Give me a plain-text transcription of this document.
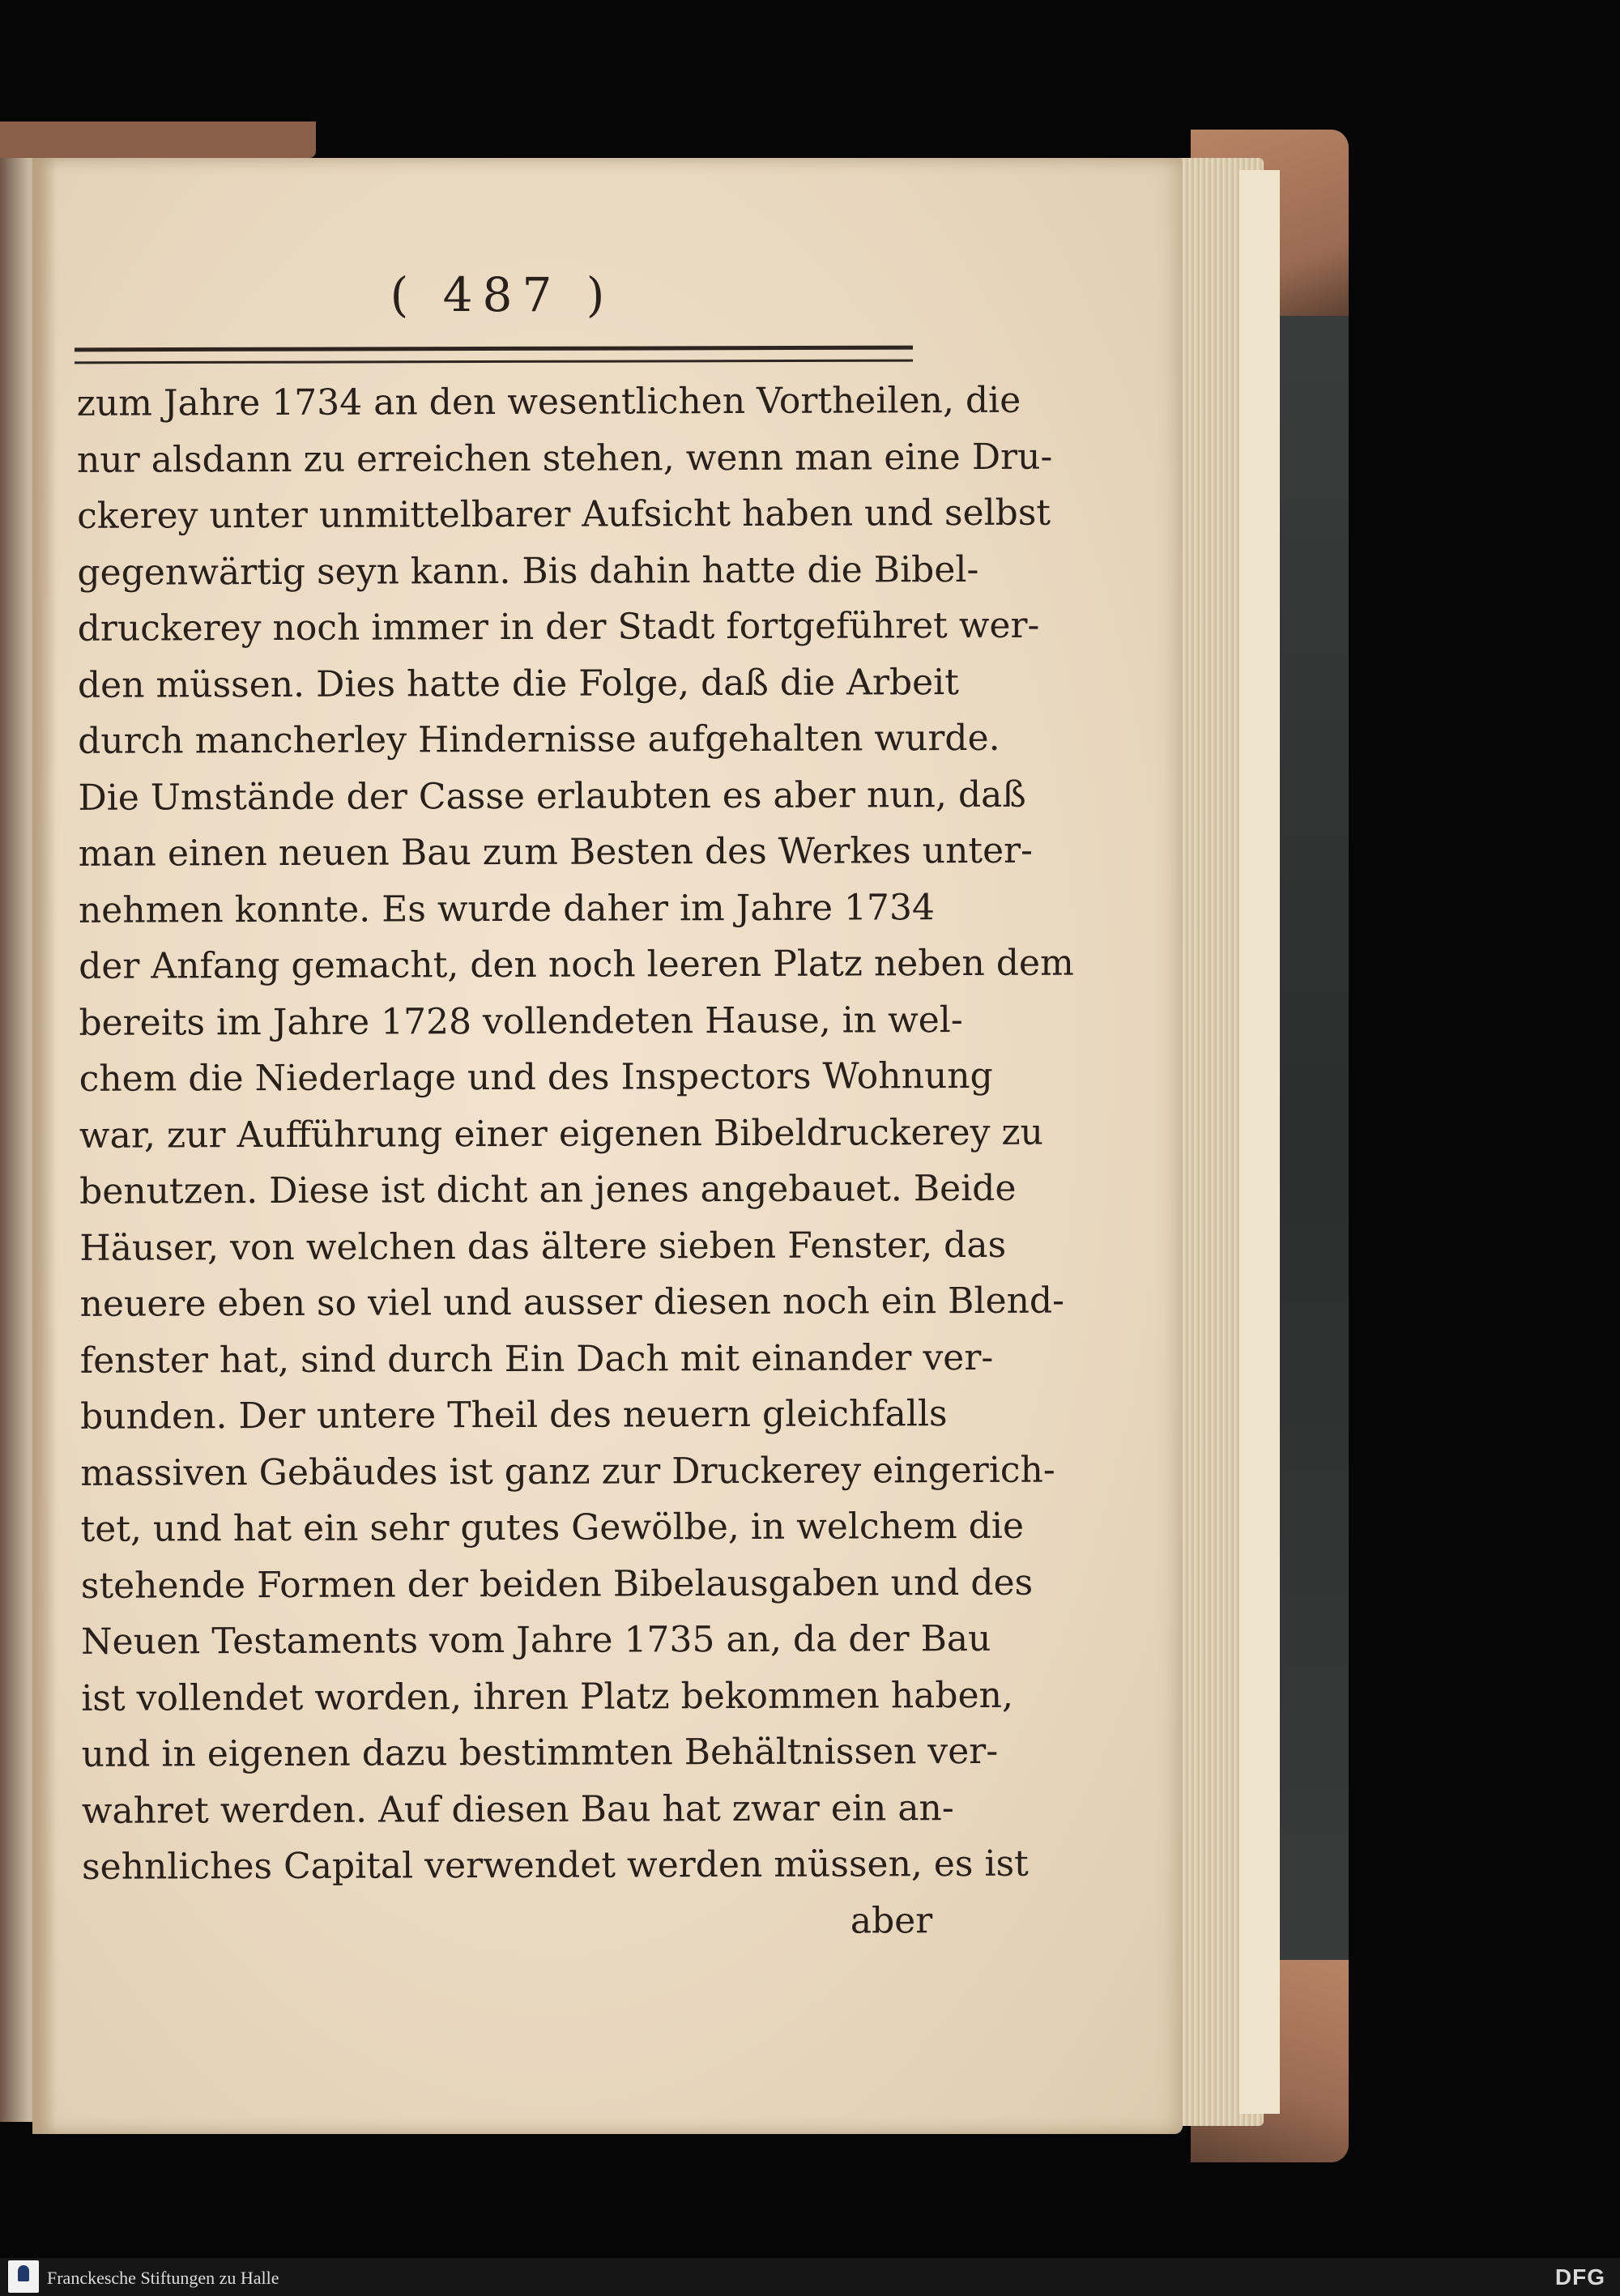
( 487 )
zum Jahre 1734 an den wesentlichen Vortheilen, die
nur alsdann zu erreichen stehen, wenn man eine Dru-
ckerey unter unmittelbarer Aufsicht haben und selbst
gegenwärtig seyn kann. Bis dahin hatte die Bibel-
druckerey noch immer in der Stadt fortgeführet wer-
den müssen. Dies hatte die Folge, daß die Arbeit
durch mancherley Hindernisse aufgehalten wurde.
Die Umstände der Casse erlaubten es aber nun, daß
man einen neuen Bau zum Besten des Werkes unter-
nehmen konnte. Es wurde daher im Jahre 1734
der Anfang gemacht, den noch leeren Platz neben dem
bereits im Jahre 1728 vollendeten Hause, in wel-
chem die Niederlage und des Inspectors Wohnung
war, zur Aufführung einer eigenen Bibeldruckerey zu
benutzen. Diese ist dicht an jenes angebauet. Beide
Häuser, von welchen das ältere sieben Fenster, das
neuere eben so viel und ausser diesen noch ein Blend-
fenster hat, sind durch Ein Dach mit einander ver-
bunden. Der untere Theil des neuern gleichfalls
massiven Gebäudes ist ganz zur Druckerey eingerich-
tet, und hat ein sehr gutes Gewölbe, in welchem die
stehende Formen der beiden Bibelausgaben und des
Neuen Testaments vom Jahre 1735 an, da der Bau
ist vollendet worden, ihren Platz bekommen haben,
und in eigenen dazu bestimmten Behältnissen ver-
wahret werden. Auf diesen Bau hat zwar ein an-
sehnliches Capital verwendet werden müssen, es ist
aber
Franckesche Stiftungen zu Halle	DFG
